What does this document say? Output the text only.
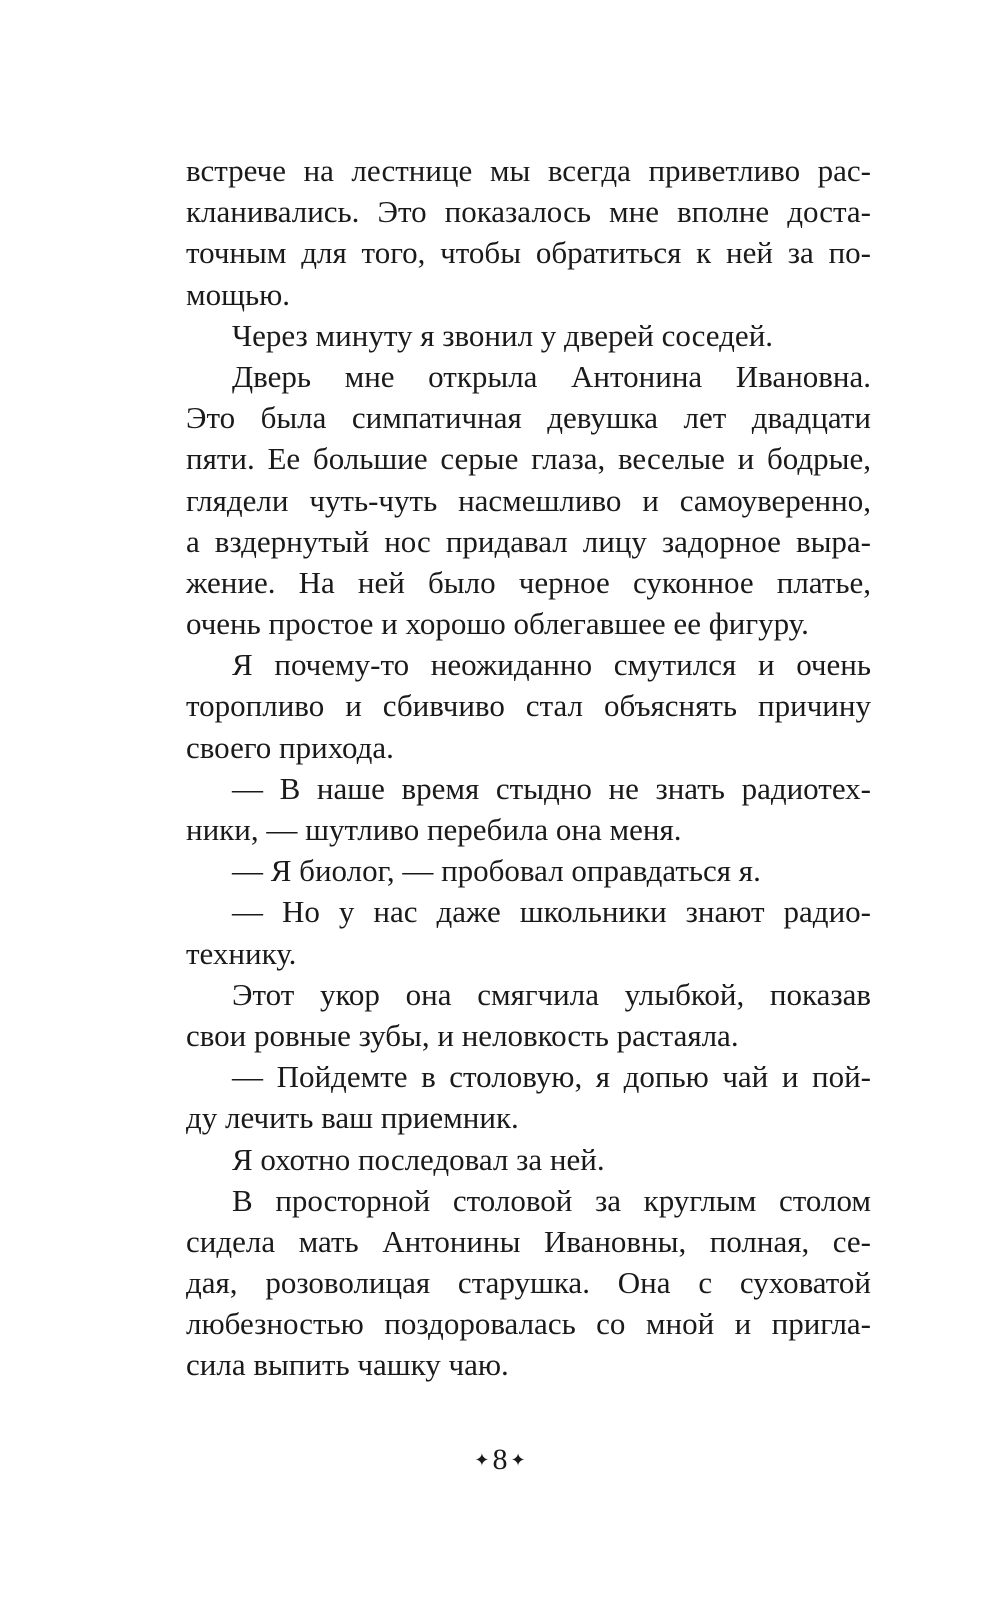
встрече на лестнице мы всегда приветливо рас-
кланивались. Это показалось мне вполне доста-
точным для того, чтобы обратиться к ней за по-
мощью.
Через минуту я звонил у дверей соседей.
Дверь мне открыла Антонина Ивановна.
Это была симпатичная девушка лет двадцати
пяти. Ее большие серые глаза, веселые и бодрые,
глядели чуть-чуть насмешливо и самоуверенно,
а вздернутый нос придавал лицу задорное выра-
жение. На ней было черное суконное платье,
очень простое и хорошо облегавшее ее фигуру.
Я почему-то неожиданно смутился и очень
торопливо и сбивчиво стал объяснять причину
своего прихода.
— В наше время стыдно не знать радиотех-
ники, — шутливо перебила она меня.
— Я биолог, — пробовал оправдаться я.
— Но у нас даже школьники знают радио-
технику.
Этот укор она смягчила улыбкой, показав
свои ровные зубы, и неловкость растаяла.
— Пойдемте в столовую, я допью чай и пой-
ду лечить ваш приемник.
Я охотно последовал за ней.
В просторной столовой за круглым столом
сидела мать Антонины Ивановны, полная, се-
дая, розоволицая старушка. Она с суховатой
любезностью поздоровалась со мной и пригла-
сила выпить чашку чаю.
✦ 8 ✦
